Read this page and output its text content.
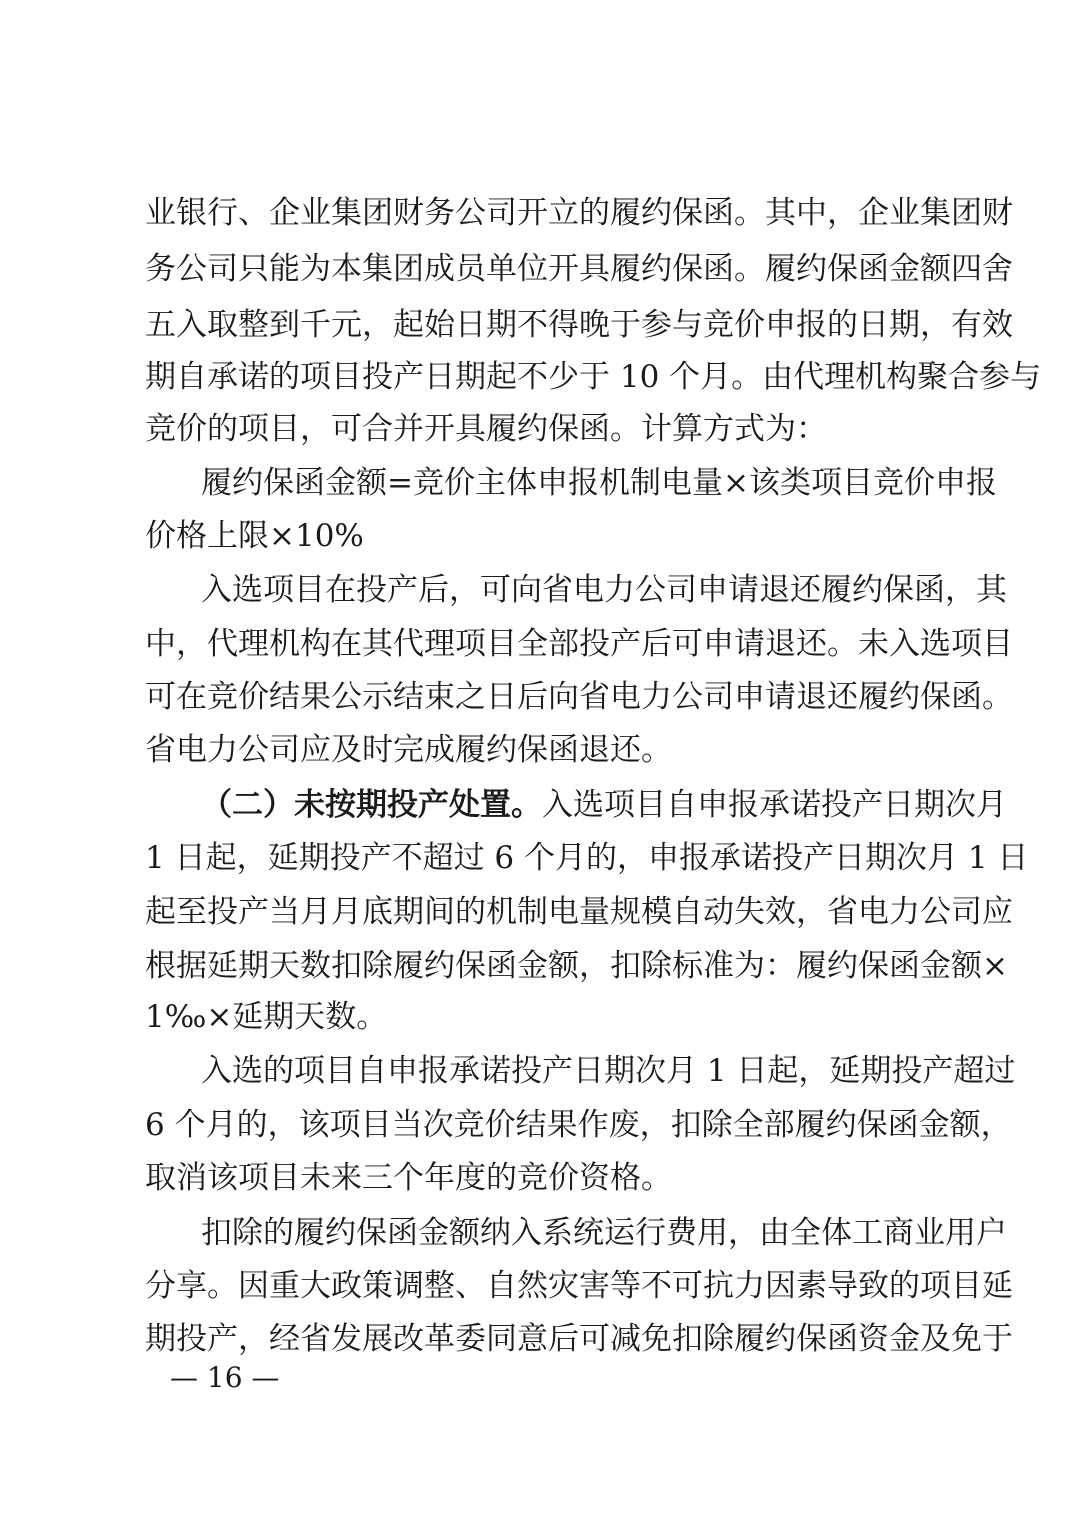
业银行、企业集团财务公司开立的履约保函。其中，企业集团财
务公司只能为本集团成员单位开具履约保函。履约保函金额四舍
五入取整到千元，起始日期不得晚于参与竞价申报的日期，有效
期自承诺的项目投产日期起不少于 10 个月。由代理机构聚合参与
竞价的项目，可合并开具履约保函。计算方式为：
履约保函金额=竞价主体申报机制电量×该类项目竞价申报
价格上限×10%
入选项目在投产后，可向省电力公司申请退还履约保函，其
中，代理机构在其代理项目全部投产后可申请退还。未入选项目
可在竞价结果公示结束之日后向省电力公司申请退还履约保函。
省电力公司应及时完成履约保函退还。
（二）未按期投产处置。入选项目自申报承诺投产日期次月
1 日起，延期投产不超过 6 个月的，申报承诺投产日期次月 1 日
起至投产当月月底期间的机制电量规模自动失效，省电力公司应
根据延期天数扣除履约保函金额，扣除标准为：履约保函金额×
1‰×延期天数。
入选的项目自申报承诺投产日期次月 1 日起，延期投产超过
6 个月的，该项目当次竞价结果作废，扣除全部履约保函金额，
取消该项目未来三个年度的竞价资格。
扣除的履约保函金额纳入系统运行费用，由全体工商业用户
分享。因重大政策调整、自然灾害等不可抗力因素导致的项目延
期投产，经省发展改革委同意后可减免扣除履约保函资金及免于
— 16 —
